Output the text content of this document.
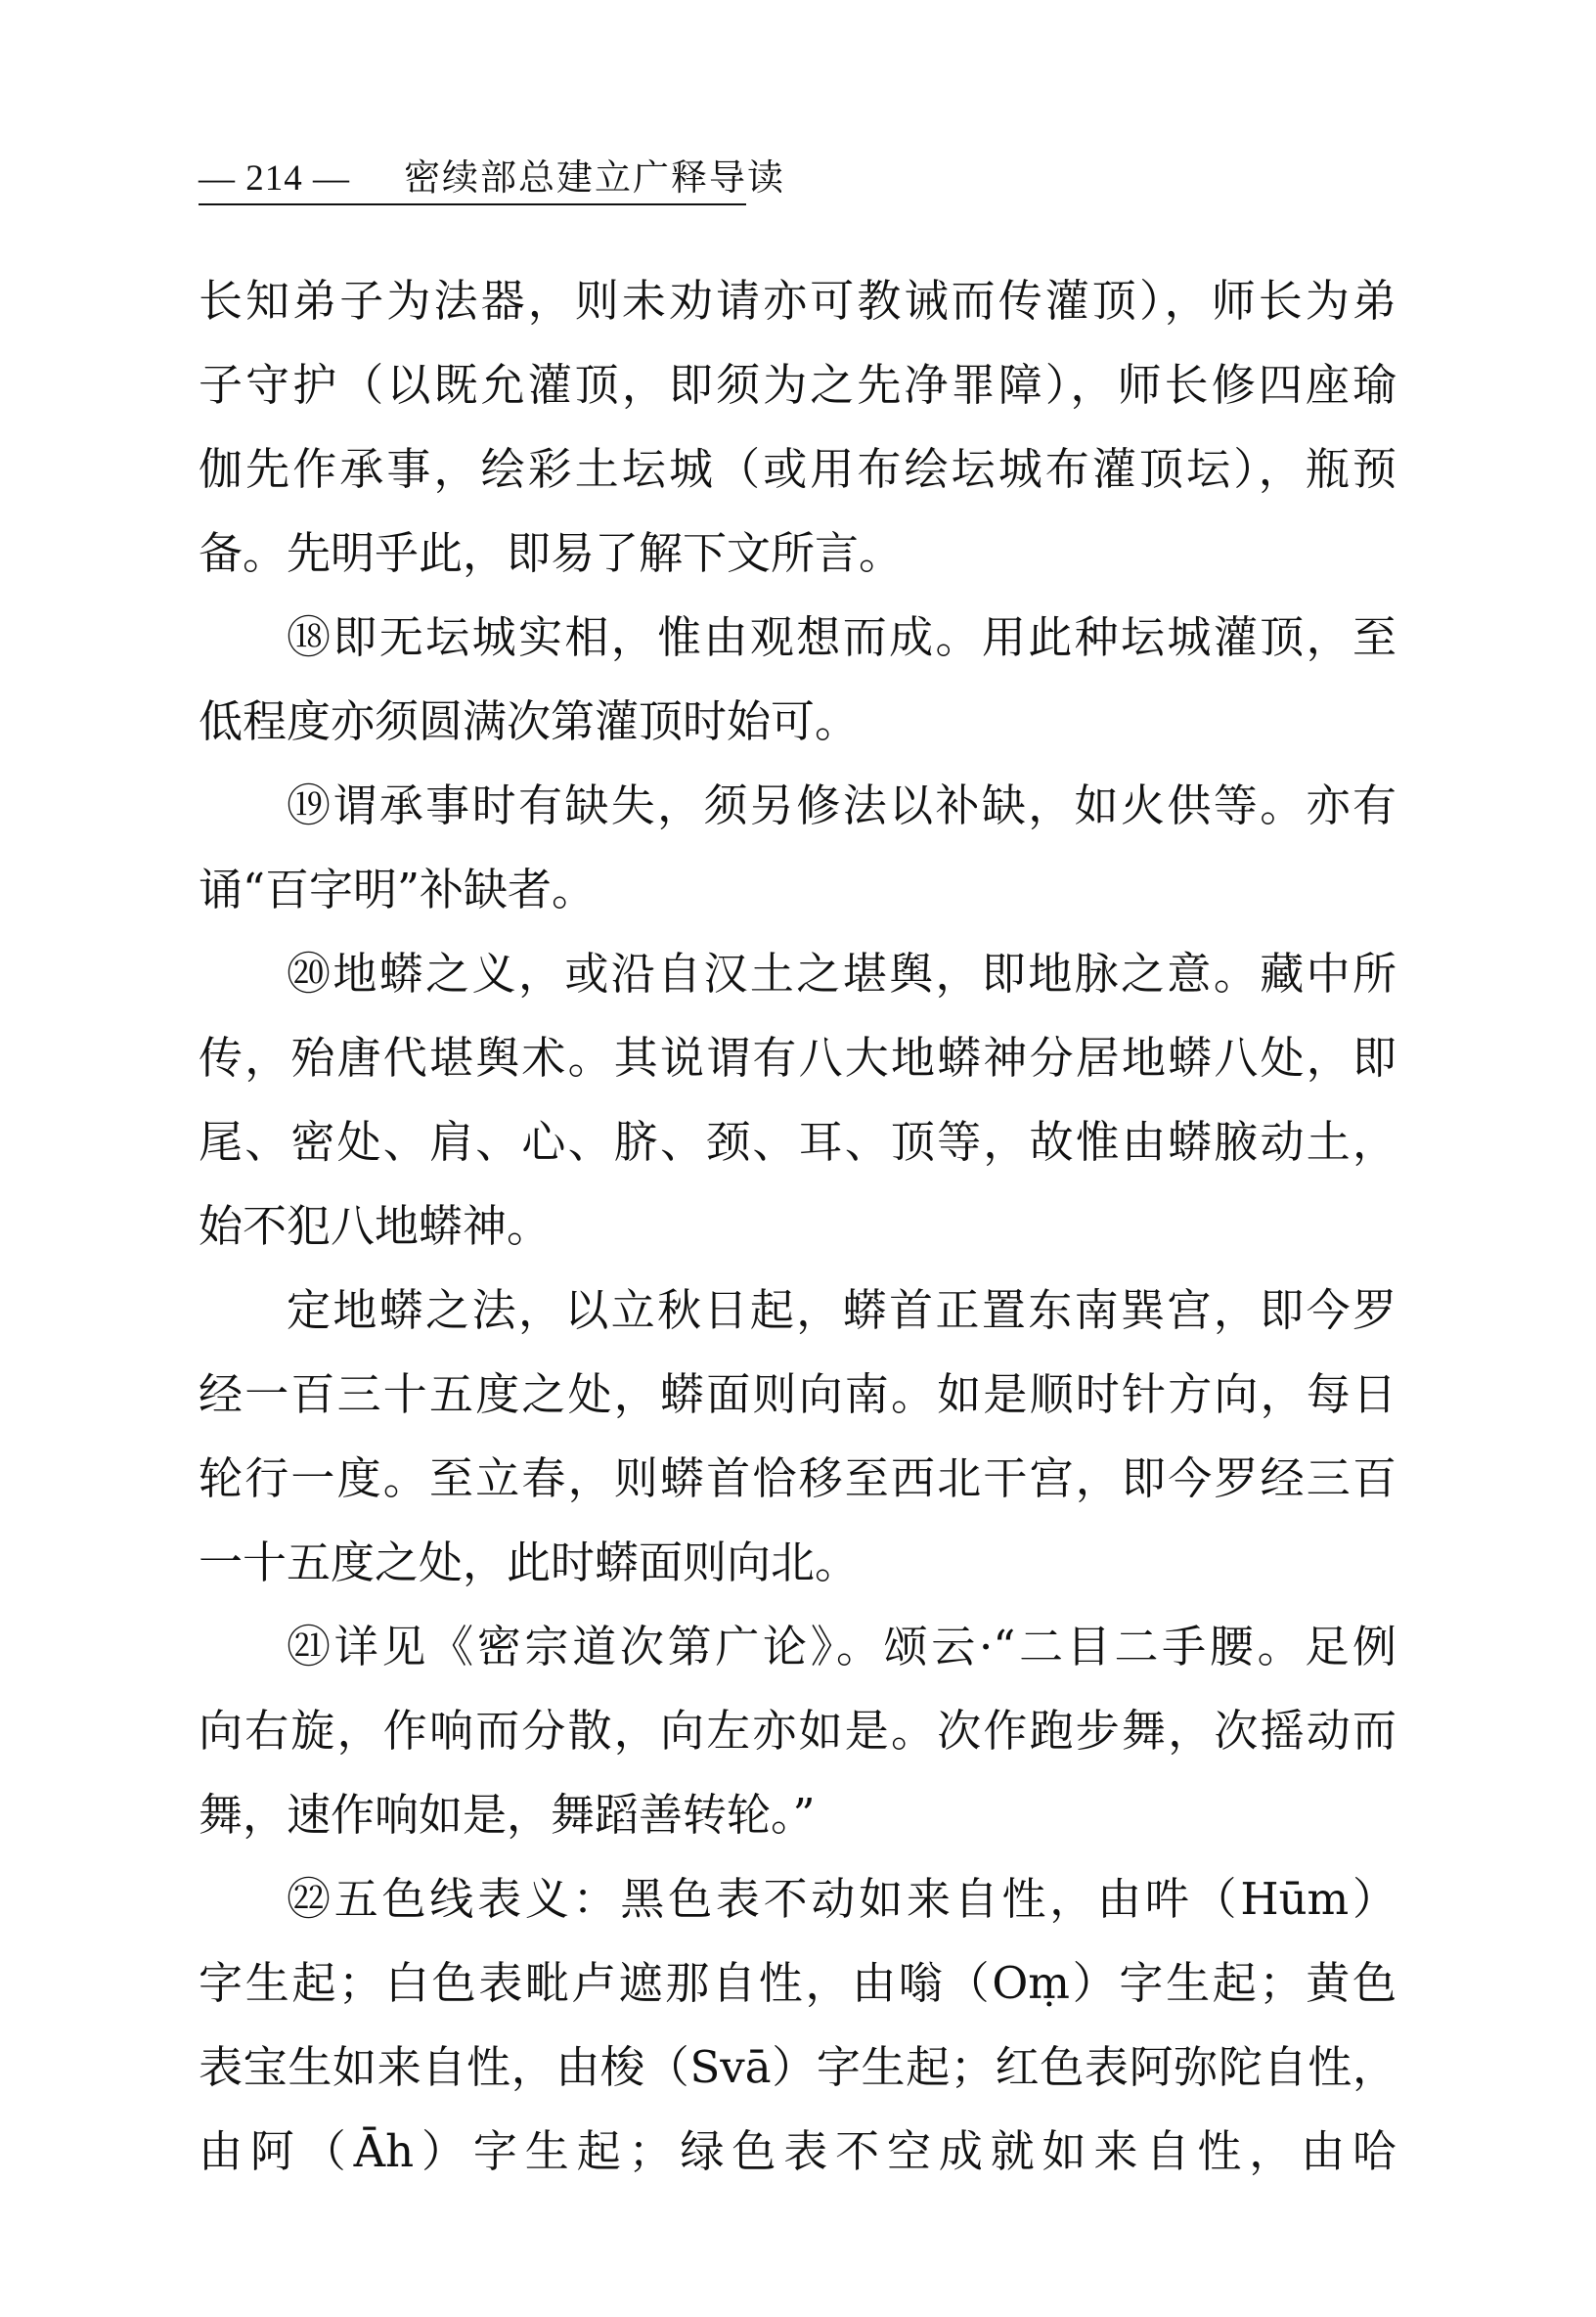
— 214 — 密续部总建立广释导读
长知弟子为法器，则未劝请亦可教诫而传灌顶），师长为弟
子守护（以既允灌顶，即须为之先净罪障），师长修四座瑜
伽先作承事，绘彩土坛城（或用布绘坛城布灌顶坛），瓶预
备。先明乎此，即易了解下文所言。
⑱即无坛城实相，惟由观想而成。用此种坛城灌顶，至
低程度亦须圆满次第灌顶时始可。
⑲谓承事时有缺失，须另修法以补缺，如火供等。亦有
诵“百字明”补缺者。
⑳地蟒之义，或沿自汉土之堪舆，即地脉之意。藏中所
传，殆唐代堪舆术。其说谓有八大地蟒神分居地蟒八处，即
尾、密处、肩、心、脐、颈、耳、顶等，故惟由蟒腋动土，
始不犯八地蟒神。
定地蟒之法，以立秋日起，蟒首正置东南巽宫，即今罗
经一百三十五度之处，蟒面则向南。如是顺时针方向，每日
轮行一度。至立春，则蟒首恰移至西北干宫，即今罗经三百
一十五度之处，此时蟒面则向北。
㉑详见《密宗道次第广论》。颂云·“二目二手腰。足例
向右旋，作响而分散，向左亦如是。次作跑步舞，次摇动而
舞，速作响如是，舞蹈善转轮。”
㉒五色线表义：黑色表不动如来自性，由吽（Hūm）
字生起；白色表毗卢遮那自性，由嗡（Oṃ）字生起；黄色
表宝生如来自性，由梭（Svā）字生起；红色表阿弥陀自性，
由阿（Āh）字生起；绿色表不空成就如来自性，由哈
